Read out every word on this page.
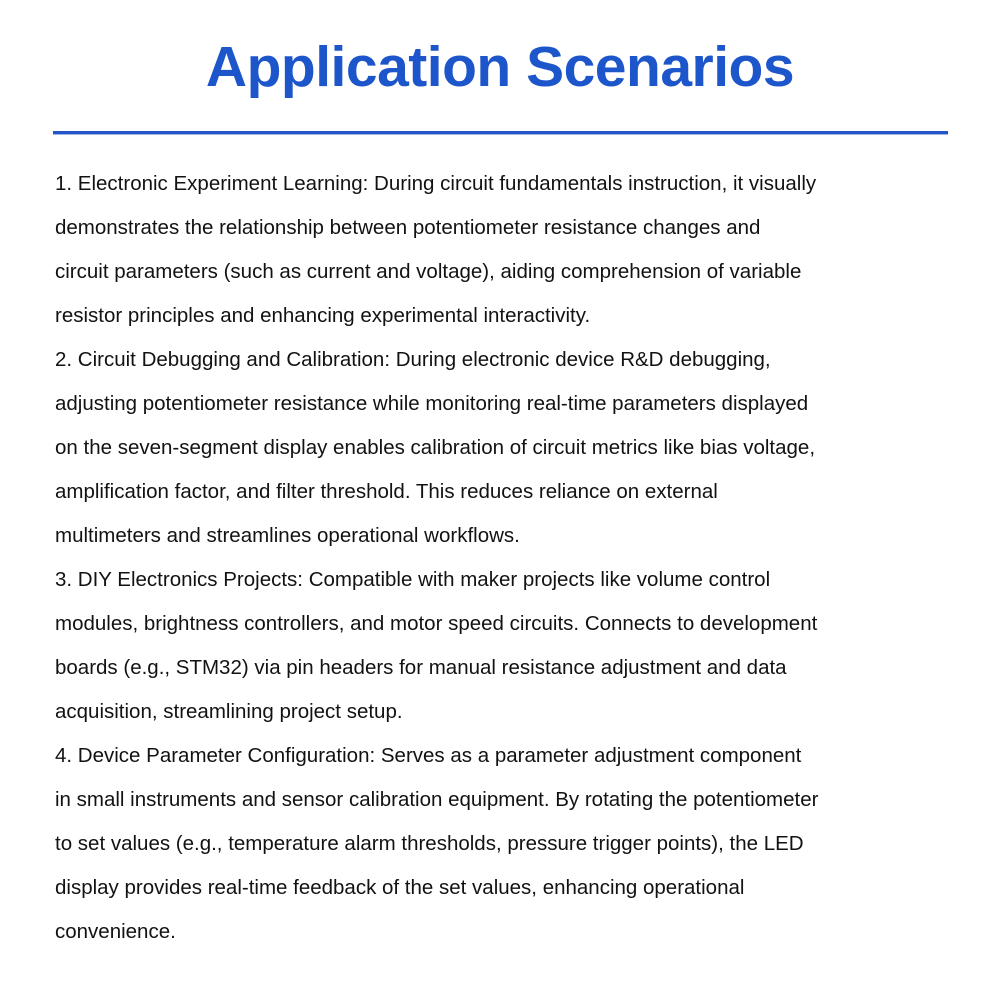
Application Scenarios

1. Electronic Experiment Learning: During circuit fundamentals instruction, it visually
demonstrates the relationship between potentiometer resistance changes and
circuit parameters (such as current and voltage), aiding comprehension of variable
resistor principles and enhancing experimental interactivity.

2. Circuit Debugging and Calibration: During electronic device R&D debugging,
adjusting potentiometer resistance while monitoring real-time parameters displayed
on the seven-segment display enables calibration of circuit metrics like bias voltage,
amplification factor, and filter threshold. This reduces reliance on external
multimeters and streamlines operational workflows.

3. DIY Electronics Projects: Compatible with maker projects like volume control
modules, brightness controllers, and motor speed circuits. Connects to development
boards (e.g., STM32) via pin headers for manual resistance adjustment and data
acquisition, streamlining project setup.

4. Device Parameter Configuration: Serves as a parameter adjustment component
in small instruments and sensor calibration equipment. By rotating the potentiometer
to set values (e.g., temperature alarm thresholds, pressure trigger points), the LED
display provides real-time feedback of the set values, enhancing operational
convenience.
